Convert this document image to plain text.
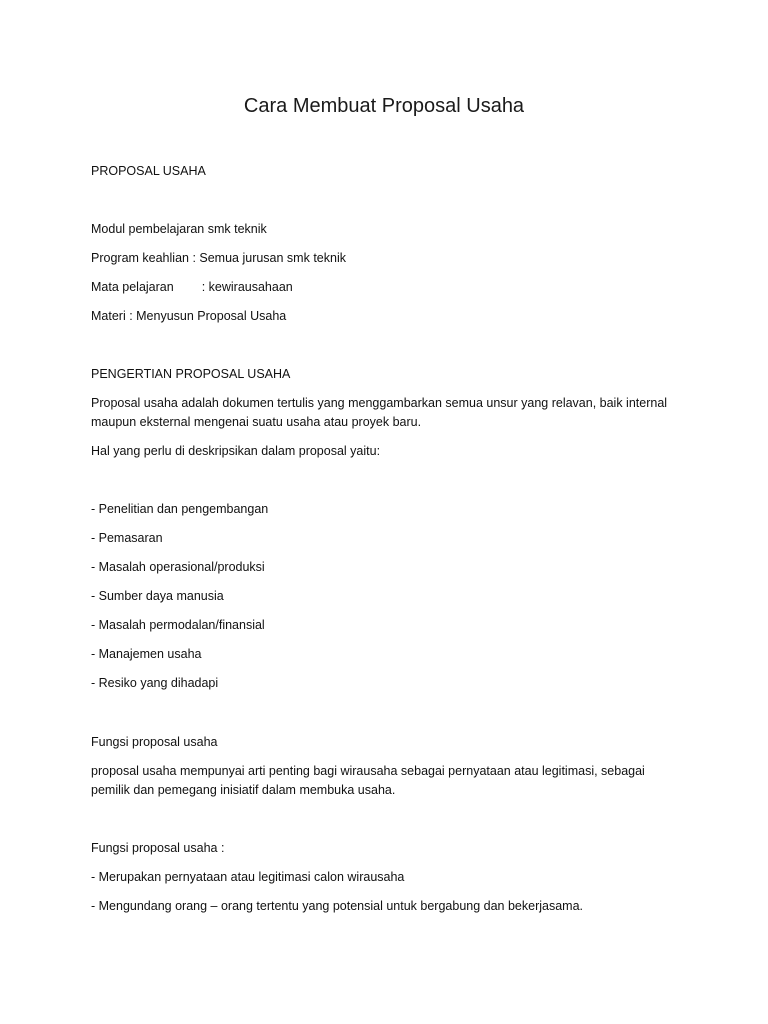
Cara Membuat Proposal Usaha
PROPOSAL USAHA
Modul pembelajaran smk teknik
Program keahlian : Semua jurusan smk teknik
Mata pelajaran : kewirausahaan
Materi : Menyusun Proposal Usaha
PENGERTIAN PROPOSAL USAHA
Proposal usaha adalah dokumen tertulis yang menggambarkan semua unsur yang relavan, baik internal
maupun eksternal mengenai suatu usaha atau proyek baru.
Hal yang perlu di deskripsikan dalam proposal yaitu:
- Penelitian dan pengembangan
- Pemasaran
- Masalah operasional/produksi
- Sumber daya manusia
- Masalah permodalan/finansial
- Manajemen usaha
- Resiko yang dihadapi
Fungsi proposal usaha
proposal usaha mempunyai arti penting bagi wirausaha sebagai pernyataan atau legitimasi, sebagai
pemilik dan pemegang inisiatif dalam membuka usaha.
Fungsi proposal usaha :
- Merupakan pernyataan atau legitimasi calon wirausaha
- Mengundang orang – orang tertentu yang potensial untuk bergabung dan bekerjasama.
